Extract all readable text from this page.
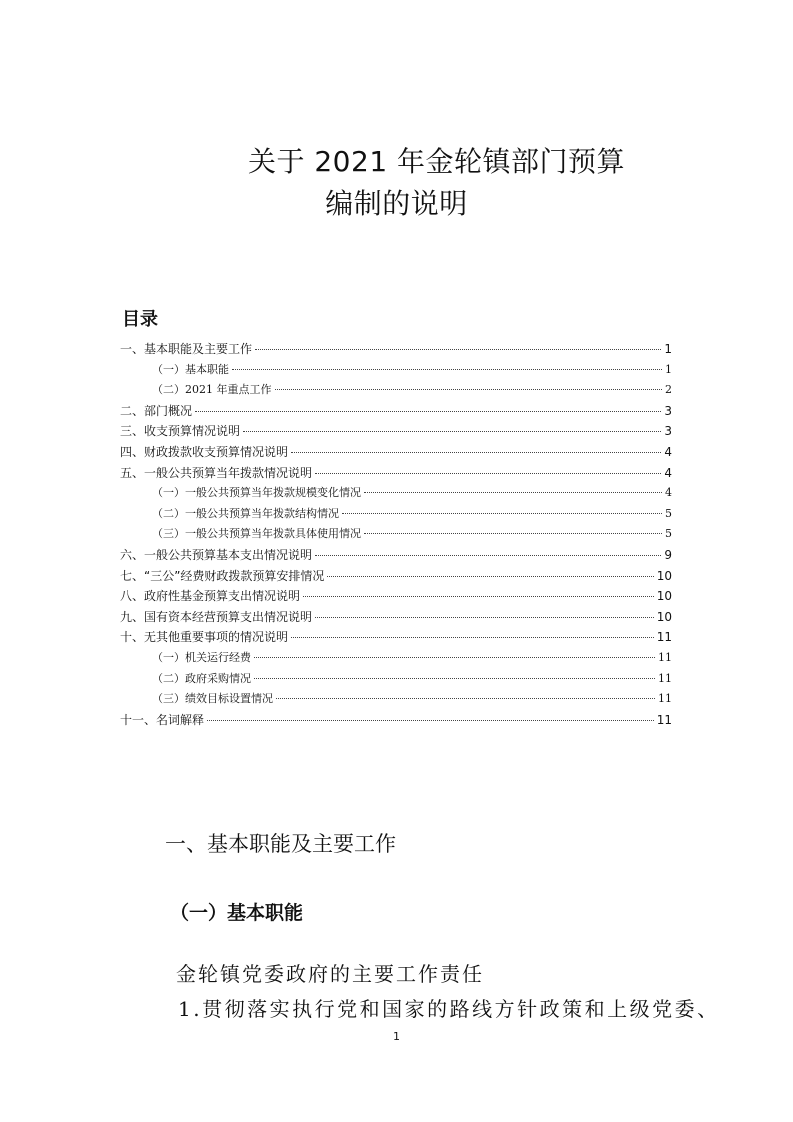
关于 2021 年金轮镇部门预算
编制的说明
目录
一、基本职能及主要工作	1
（一）基本职能	1
（二）2021 年重点工作	2
二、部门概况	3
三、收支预算情况说明	3
四、财政拨款收支预算情况说明	4
五、一般公共预算当年拨款情况说明	4
（一）一般公共预算当年拨款规模变化情况	4
（二）一般公共预算当年拨款结构情况	5
（三）一般公共预算当年拨款具体使用情况	5
六、一般公共预算基本支出情况说明	9
七、“三公”经费财政拨款预算安排情况	10
八、政府性基金预算支出情况说明	10
九、国有资本经营预算支出情况说明	10
十、无其他重要事项的情况说明	11
（一）机关运行经费	11
（二）政府采购情况	11
（三）绩效目标设置情况	11
十一、名词解释	11
一、基本职能及主要工作
（一）基本职能
金轮镇党委政府的主要工作责任
1.贯彻落实执行党和国家的路线方针政策和上级党委、
1
